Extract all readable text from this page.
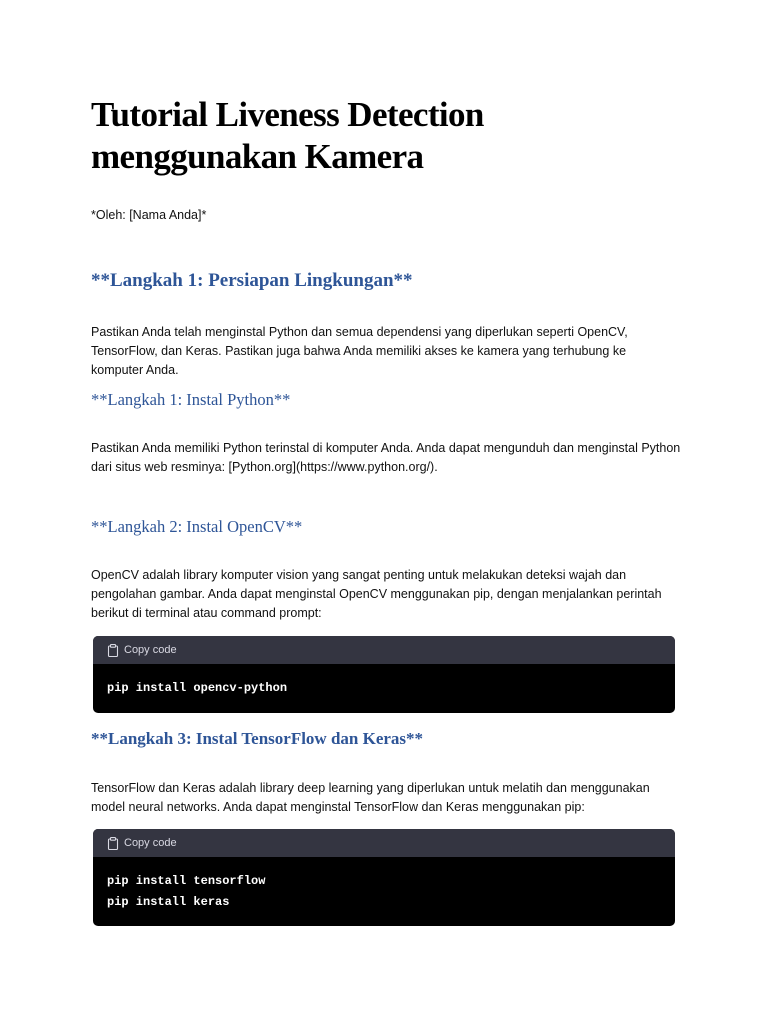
Tutorial Liveness Detection
menggunakan Kamera
*Oleh: [Nama Anda]*
**Langkah 1: Persiapan Lingkungan**

Pastikan Anda telah menginstal Python dan semua dependensi yang diperlukan seperti OpenCV, TensorFlow, dan Keras. Pastikan juga bahwa Anda memiliki akses ke kamera yang terhubung ke komputer Anda.

**Langkah 1: Instal Python**

Pastikan Anda memiliki Python terinstal di komputer Anda. Anda dapat mengunduh dan menginstal Python dari situs web resminya: [Python.org](https://www.python.org/).

**Langkah 2: Instal OpenCV**

OpenCV adalah library komputer vision yang sangat penting untuk melakukan deteksi wajah dan pengolahan gambar. Anda dapat menginstal OpenCV menggunakan pip, dengan menjalankan perintah berikut di terminal atau command prompt:

Copy code
pip install opencv-python
**Langkah 3: Instal TensorFlow dan Keras**

TensorFlow dan Keras adalah library deep learning yang diperlukan untuk melatih dan menggunakan model neural networks. Anda dapat menginstal TensorFlow dan Keras menggunakan pip:

Copy code
pip install tensorflow
pip install keras
